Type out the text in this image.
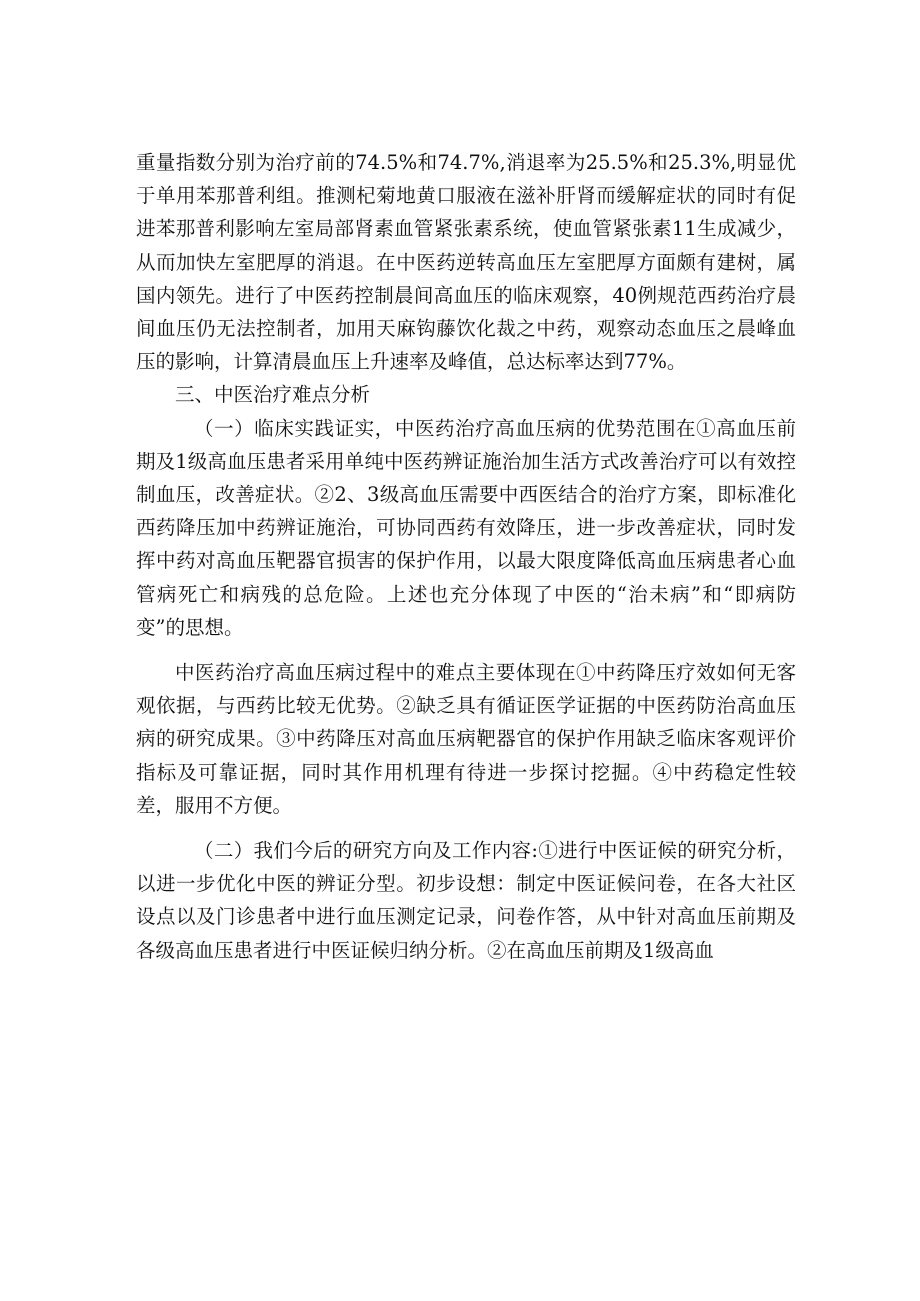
重量指数分别为治疗前的74.5%和74.7%,消退率为25.5%和25.3%,明显优于单用苯那普利组。推测杞菊地黄口服液在滋补肝肾而缓解症状的同时有促进苯那普利影响左室局部肾素血管紧张素系统，使血管紧张素11生成减少，从而加快左室肥厚的消退。在中医药逆转高血压左室肥厚方面颇有建树，属国内领先。进行了中医药控制晨间高血压的临床观察，40例规范西药治疗晨间血压仍无法控制者，加用天麻钩藤饮化裁之中药，观察动态血压之晨峰血压的影响，计算清晨血压上升速率及峰值，总达标率达到77%。

三、中医治疗难点分析

（一）临床实践证实，中医药治疗高血压病的优势范围在①高血压前期及1级高血压患者采用单纯中医药辨证施治加生活方式改善治疗可以有效控制血压，改善症状。②2、3级高血压需要中西医结合的治疗方案，即标准化西药降压加中药辨证施治，可协同西药有效降压，进一步改善症状，同时发挥中药对高血压靶器官损害的保护作用，以最大限度降低高血压病患者心血管病死亡和病残的总危险。上述也充分体现了中医的“治未病”和“即病防变”的思想。

中医药治疗高血压病过程中的难点主要体现在①中药降压疗效如何无客观依据，与西药比较无优势。②缺乏具有循证医学证据的中医药防治高血压病的研究成果。③中药降压对高血压病靶器官的保护作用缺乏临床客观评价指标及可靠证据，同时其作用机理有待进一步探讨挖掘。④中药稳定性较差，服用不方便。

（二）我们今后的研究方向及工作内容:①进行中医证候的研究分析，以进一步优化中医的辨证分型。初步设想：制定中医证候问卷，在各大社区设点以及门诊患者中进行血压测定记录，问卷作答，从中针对高血压前期及各级高血压患者进行中医证候归纳分析。②在高血压前期及1级高血
